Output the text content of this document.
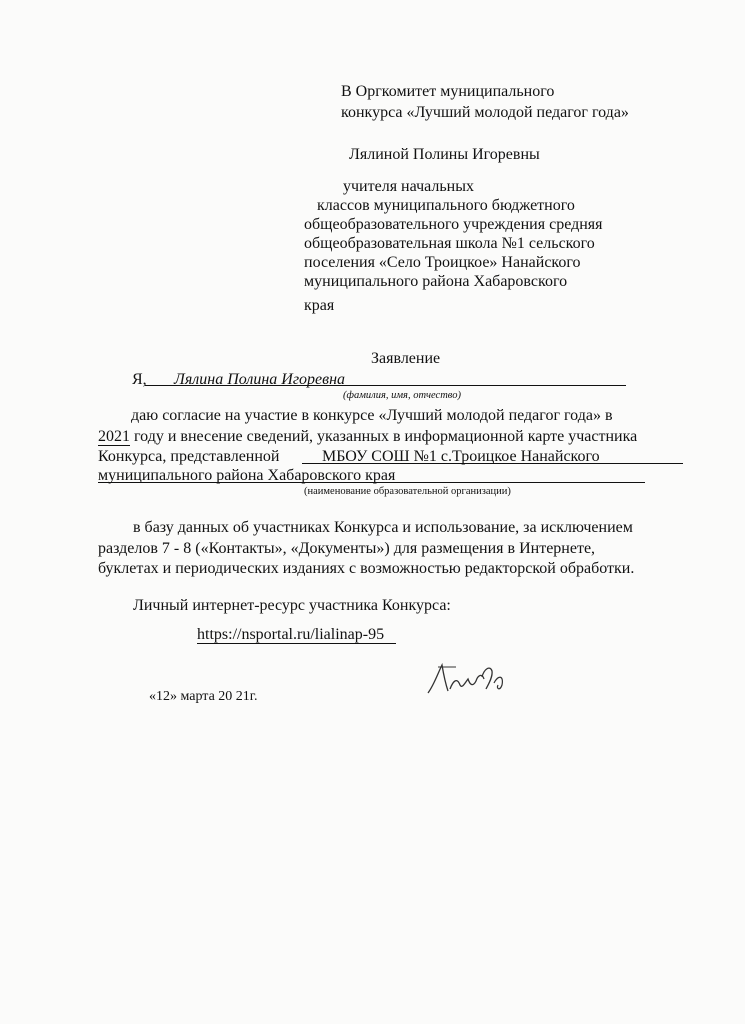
В Оргкомитет муниципального
конкурса «Лучший молодой педагог года»
Лялиной Полины Игоревны
учителя начальных
классов муниципального бюджетного
общеобразовательного учреждения средняя
общеобразовательная школа №1 сельского
поселения «Село Троицкое» Нанайского
муниципального района Хабаровского
края
Заявление
Я, Лялина Полина Игоревна
(фамилия, имя, отчество)
даю согласие на участие в конкурсе «Лучший молодой педагог года» в
2021 году и внесение сведений, указанных в информационной карте участника
Конкурса, представленной	МБОУ СОШ №1 с.Троицкое Нанайского
муниципального района Хабаровского края
(наименование образовательной организации)
в базу данных об участниках Конкурса и использование, за исключением
разделов 7 - 8 («Контакты», «Документы») для размещения в Интернете,
буклетах и периодических изданиях с возможностью редакторской обработки.
Личный интернет-ресурс участника Конкурса:
https://nsportal.ru/lialinap-95
«12» марта 20 21г.
